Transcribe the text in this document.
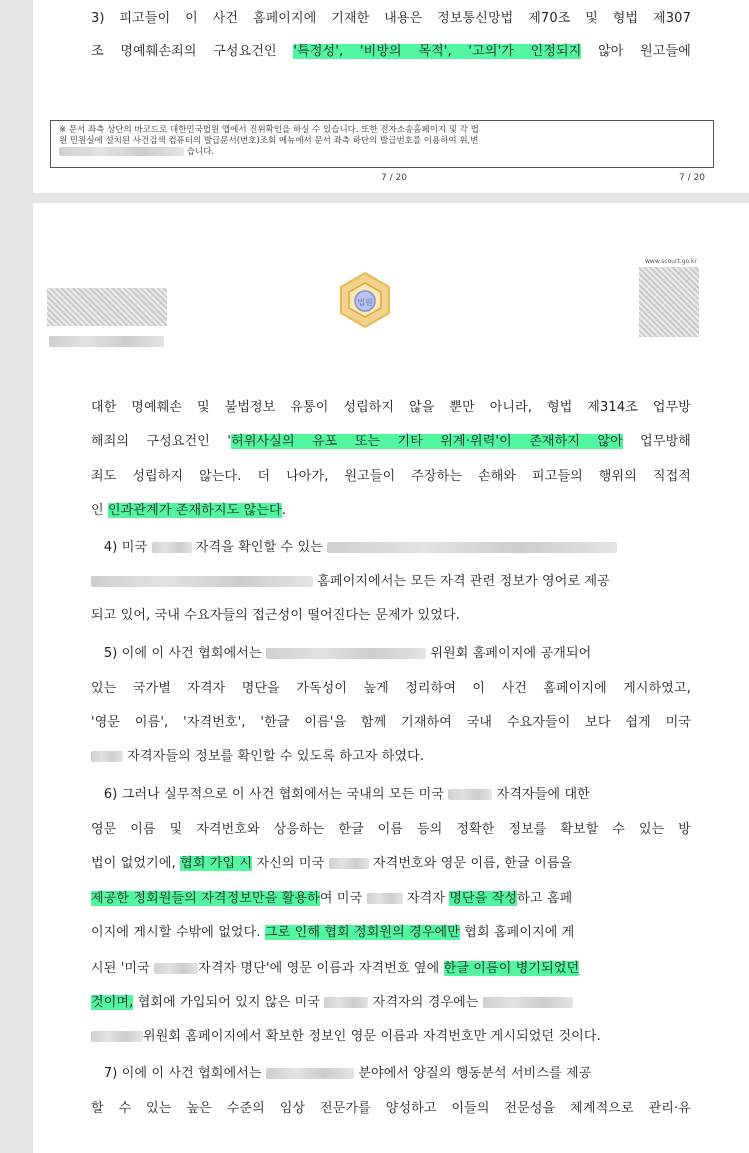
3) 피고들이 이 사건 홈페이지에 기재한 내용은 정보통신망법 제70조 및 형법 제307
조 명예훼손죄의 구성요건인 '특정성', '비방의 목적', '고의'가 인정되지 않아 원고들에
※ 문서 좌측 상단의 바코드로 대한민국법원 앱에서 진위확인을 하실 수 있습니다. 또한 전자소송홈페이지 및 각 법
원 민원실에 설치된 사건검색 컴퓨터의 발급문서(번호)조회 메뉴에서 문서 좌측 하단의 발급번호를 이용하여 위,변
습니다.
7 / 20	7 / 20
법원
www.scourt.go.kr
대한 명예훼손 및 불법정보 유통이 성립하지 않을 뿐만 아니라, 형법 제314조 업무방
해죄의 구성요건인 '허위사실의 유포 또는 기타 위계·위력'이 존재하지 않아 업무방해
죄도 성립하지 않는다. 더 나아가, 원고들이 주장하는 손해와 피고들의 행위의 직접적
인 인과관계가 존재하지도 않는다.
4) 미국	자격을 확인할 수 있는
홈페이지에서는 모든 자격 관련 정보가 영어로 제공
되고 있어, 국내 수요자들의 접근성이 떨어진다는 문제가 있었다.
5) 이에 이 사건 협회에서는	위원회 홈페이지에 공개되어
있는 국가별 자격자 명단을 가독성이 높게 정리하여 이 사건 홈페이지에 게시하였고,
'영문 이름', '자격번호', '한글 이름'을 함께 기재하여 국내 수요자들이 보다 쉽게 미국
자격자들의 정보를 확인할 수 있도록 하고자 하였다.
6) 그러나 실무적으로 이 사건 협회에서는 국내의 모든 미국	자격자들에 대한
영문 이름 및 자격번호와 상응하는 한글 이름 등의 정확한 정보를 확보할 수 있는 방
법이 없었기에, 협회 가입 시 자신의 미국	자격번호와 영문 이름, 한글 이름을
제공한 정회원들의 자격정보만을 활용하여 미국	자격자 명단을 작성하고 홈페
이지에 게시할 수밖에 없었다. 그로 인해 협회 정회원의 경우에만 협회 홈페이지에 게
시된 '미국	자격자 명단'에 영문 이름과 자격번호 옆에 한글 이름이 병기되었던
것이며, 협회에 가입되어 있지 않은 미국	자격자의 경우에는
위원회 홈페이지에서 확보한 정보인 영문 이름과 자격번호만 게시되었던 것이다.
7) 이에 이 사건 협회에서는	분야에서 양질의 행동분석 서비스를 제공
할 수 있는 높은 수준의 임상 전문가를 양성하고 이들의 전문성을 체계적으로 관리·유
